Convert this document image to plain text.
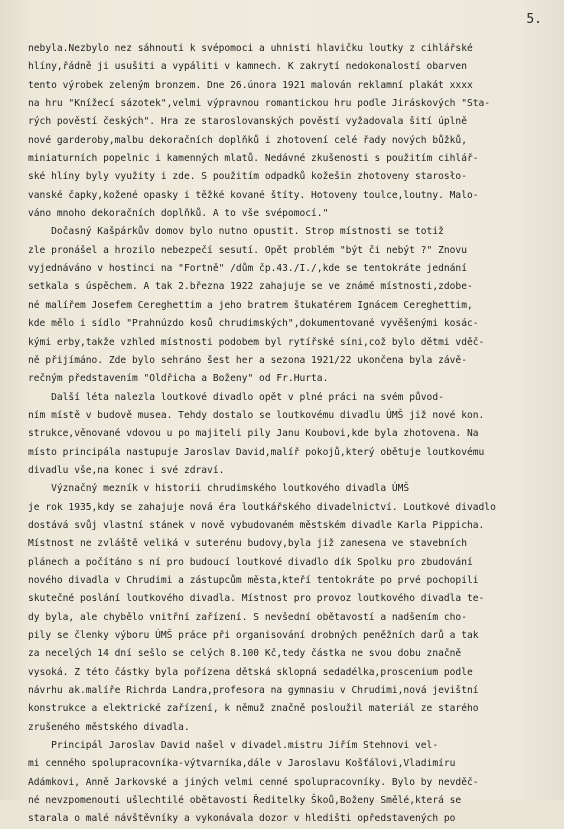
5.
nebyla.Nezbylo nez sáhnouti k svépomoci a uhnisti hlavičku loutky z cihlářské
hlíny,řádně ji usušiti a vypáliti v kamnech. K zakrytí nedokonalostí obarven
tento výrobek zeleným bronzem. Dne 26.února 1921 malován reklamní plakát xxxx
na hru "Knížecí sázotek",velmi výpravnou romantickou hru podle Jiráskových "Sta-
rých pověstí českých". Hra ze staroslovanských pověstí vyžadovala šití úplně
nové garderoby,malbu dekoračních doplňků i zhotovení celé řady nových bůžků,
miniaturních popelnic i kamenných mlatů. Nedávné zkušenosti s použitím cihlář-
ské hlíny byly využity i zde. S použitím odpadků kožešin zhotoveny starosło-
vanské čapky,kožené opasky i těžké kované štíty. Hotoveny toulce,loutny. Malo-
váno mnoho dekoračních doplňků. A to vše svépomocí."
Dočasný Kašpárkův domov bylo nutno opustit. Strop místnosti se totiž
zle pronášel a hrozilo nebezpečí sesutí. Opět problém "být či nebýt ?" Znovu
vyjednáváno v hostinci na "Fortně" /dům čp.43./I./,kde se tentokráte jednání
setkala s úspěchem. A tak 2.března 1922 zahajuje se ve známé místnosti,zdobe-
né malířem Josefem Cereghettim a jeho bratrem štukatérem Ignácem Cereghettim,
kde mělo i sídlo "Prahnúzdo kosů chrudimských",dokumentované vyvěšenými kosác-
kými erby,takže vzhled místnosti podobem byl rytířské síni,což bylo dětmi vděč-
ně přijímáno. Zde bylo sehráno šest her a sezona 1921/22 ukončena byla závě-
rečným představením "Oldřicha a Boženy" od Fr.Hurta.
Další léta nalezla loutkové divadlo opět v plné práci na svém původ-
ním místě v budově musea. Tehdy dostalo se loutkovému divadlu ÚMŠ již nové kon.
strukce,věnované vdovou u po majiteli pily Janu Koubovi,kde byla zhotovena. Na
místo principála nastupuje Jaroslav David,malíř pokojů,který obětuje loutkovému
divadlu vše,na konec i své zdraví.
Význačný mezník v historii chrudimského loutkového divadla ÚMŠ
je rok 1935,kdy se zahajuje nová éra loutkářského divadelnictví. Loutkové divadlo
dostává svůj vlastní stánek v nově vybudovaném městském divadle Karla Pippicha.
Místnost ne zvláště veliká v suterénu budovy,byla již zanesena ve stavebních
plánech a počítáno s ní pro budoucí loutkové divadlo dík Spolku pro zbudování
nového divadla v Chrudimi a zástupcům města,kteří tentokráte po prvé pochopili
skutečné poslání loutkového divadla. Místnost pro provoz loutkového divadla te-
dy byla, ale chybělo vnitřní zařízení. S nevšední obětavostí a nadšením cho-
pily se členky výboru ÚMŠ práce při organisování drobných peněžních darů a tak
za necelých 14 dní sešlo se celých 8.100 Kč,tedy částka ne svou dobu značně
vysoká. Z této částky byla pořízena dětská sklopná sedadélka,proscenium podle
návrhu ak.malíře Richrda Landra,profesora na gymnasiu v Chrudimi,nová jevištní
konstrukce a elektrické zařízení, k němuž značně posloužil materiál ze starého
zrušeného městského divadla.
Principál Jaroslav David našel v divadel.mistru Jiřím Stehnovi vel-
mi cenného spolupracovníka-výtvarníka,dále v Jaroslavu Košťálovi,Vladimíru
Adámkovi, Anně Jarkovské a jiných velmi cenné spolupracovníky. Bylo by nevděč-
né nevzpomenouti ušlechtilé obětavosti Ředitelky Škoů,Boženy Smělé,která se
starala o malé návštěvníky a vykonávala dozor v hledišti opředstavených po
